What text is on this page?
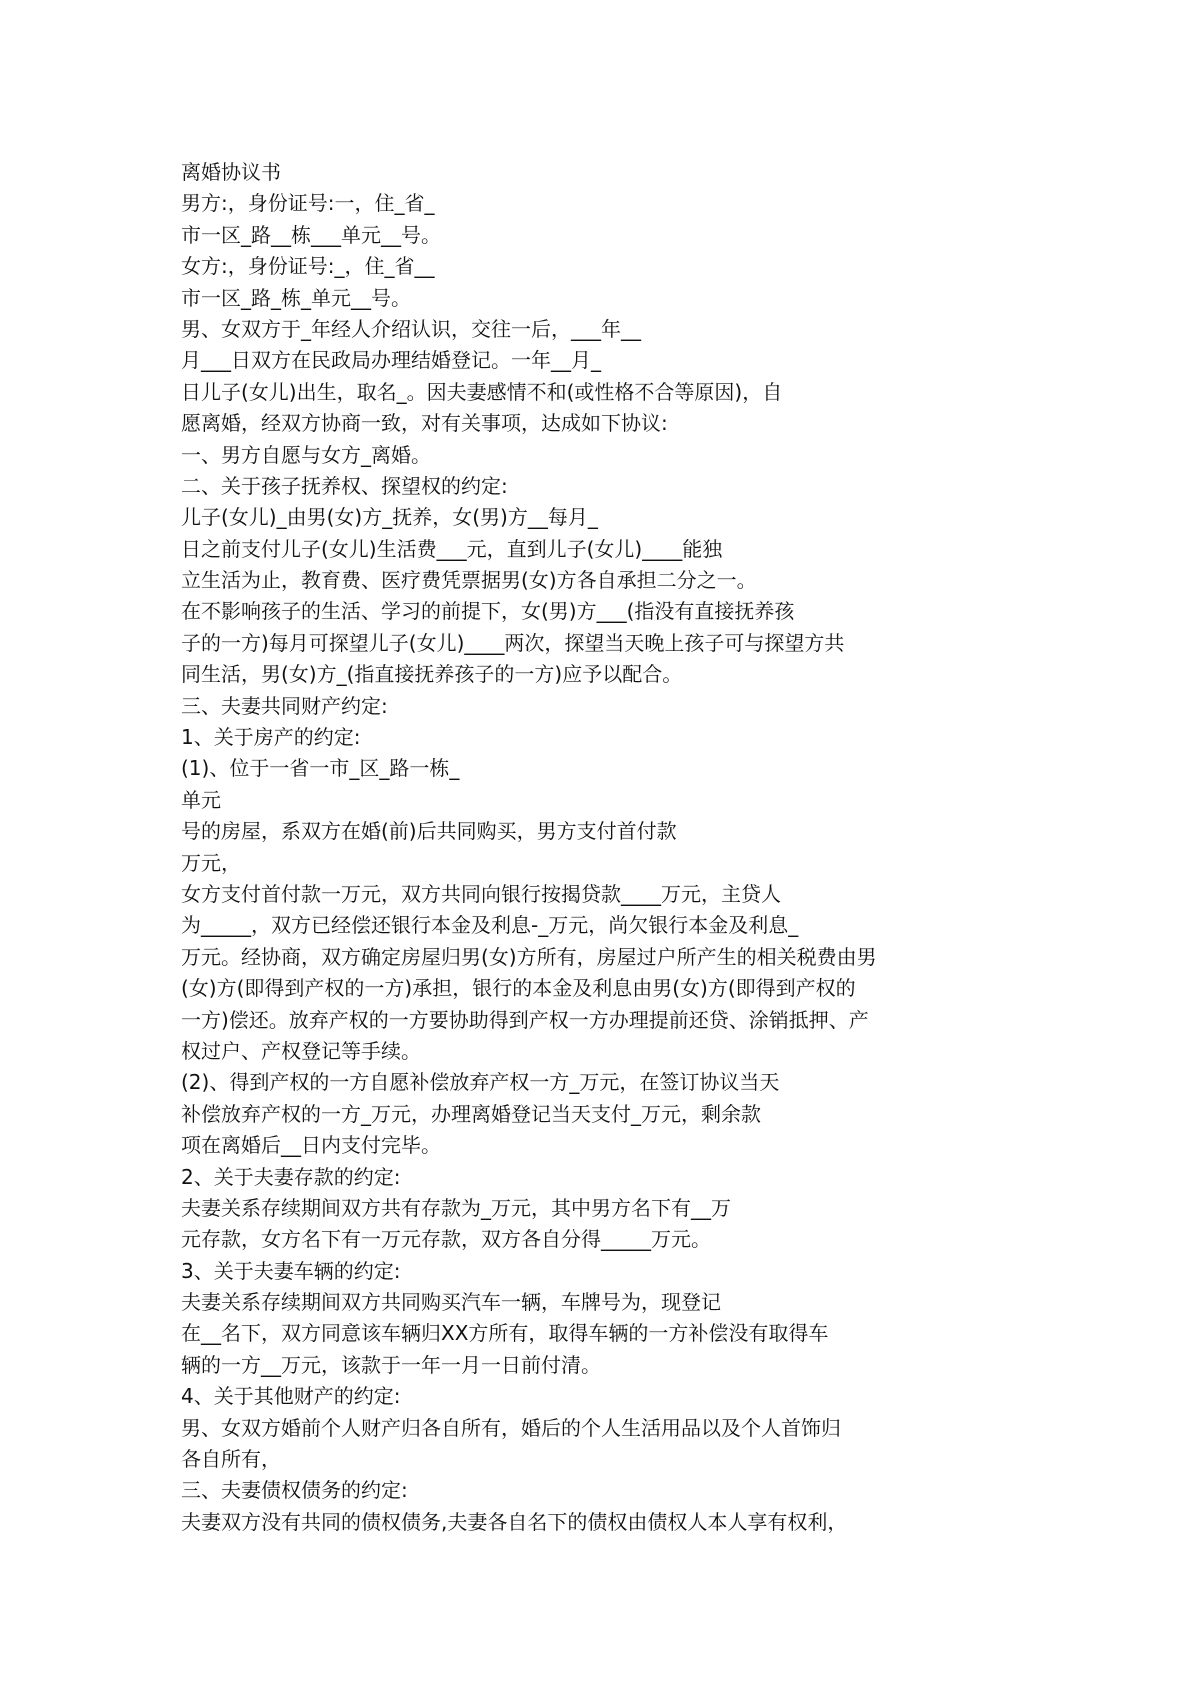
离婚协议书
男方:，身份证号:一，住_省_
市一区_路__栋___单元__号。
女方:，身份证号:_，住_省__
市一区_路_栋_单元__号。
男、女双方于_年经人介绍认识，交往一后，___年__
月___日双方在民政局办理结婚登记。一年__月_
日儿子(女儿)出生，取名_。因夫妻感情不和(或性格不合等原因)，自
愿离婚，经双方协商一致，对有关事项，达成如下协议:
一、男方自愿与女方_离婚。
二、关于孩子抚养权、探望权的约定:
儿子(女儿)_由男(女)方_抚养，女(男)方__每月_
日之前支付儿子(女儿)生活费___元，直到儿子(女儿)____能独
立生活为止，教育费、医疗费凭票据男(女)方各自承担二分之一。
在不影响孩子的生活、学习的前提下，女(男)方___(指没有直接抚养孩
子的一方)每月可探望儿子(女儿)____两次，探望当天晚上孩子可与探望方共
同生活，男(女)方_(指直接抚养孩子的一方)应予以配合。
三、夫妻共同财产约定:
1、关于房产的约定:
(1)、位于一省一市_区_路一栋_
单元
号的房屋，系双方在婚(前)后共同购买，男方支付首付款
万元，
女方支付首付款一万元，双方共同向银行按揭贷款____万元，主贷人
为_____，双方已经偿还银行本金及利息-_万元，尚欠银行本金及利息_
万元。经协商，双方确定房屋归男(女)方所有，房屋过户所产生的相关税费由男
(女)方(即得到产权的一方)承担，银行的本金及利息由男(女)方(即得到产权的
一方)偿还。放弃产权的一方要协助得到产权一方办理提前还贷、涂销抵押、产
权过户、产权登记等手续。
(2)、得到产权的一方自愿补偿放弃产权一方_万元，在签订协议当天
补偿放弃产权的一方_万元，办理离婚登记当天支付_万元，剩余款
项在离婚后__日内支付完毕。
2、关于夫妻存款的约定:
夫妻关系存续期间双方共有存款为_万元，其中男方名下有__万
元存款，女方名下有一万元存款，双方各自分得_____万元。
3、关于夫妻车辆的约定:
夫妻关系存续期间双方共同购买汽车一辆，车牌号为，现登记
在__名下，双方同意该车辆归XX方所有，取得车辆的一方补偿没有取得车
辆的一方__万元，该款于一年一月一日前付清。
4、关于其他财产的约定:
男、女双方婚前个人财产归各自所有，婚后的个人生活用品以及个人首饰归
各自所有，
三、夫妻债权债务的约定:
夫妻双方没有共同的债权债务,夫妻各自名下的债权由债权人本人享有权利，
